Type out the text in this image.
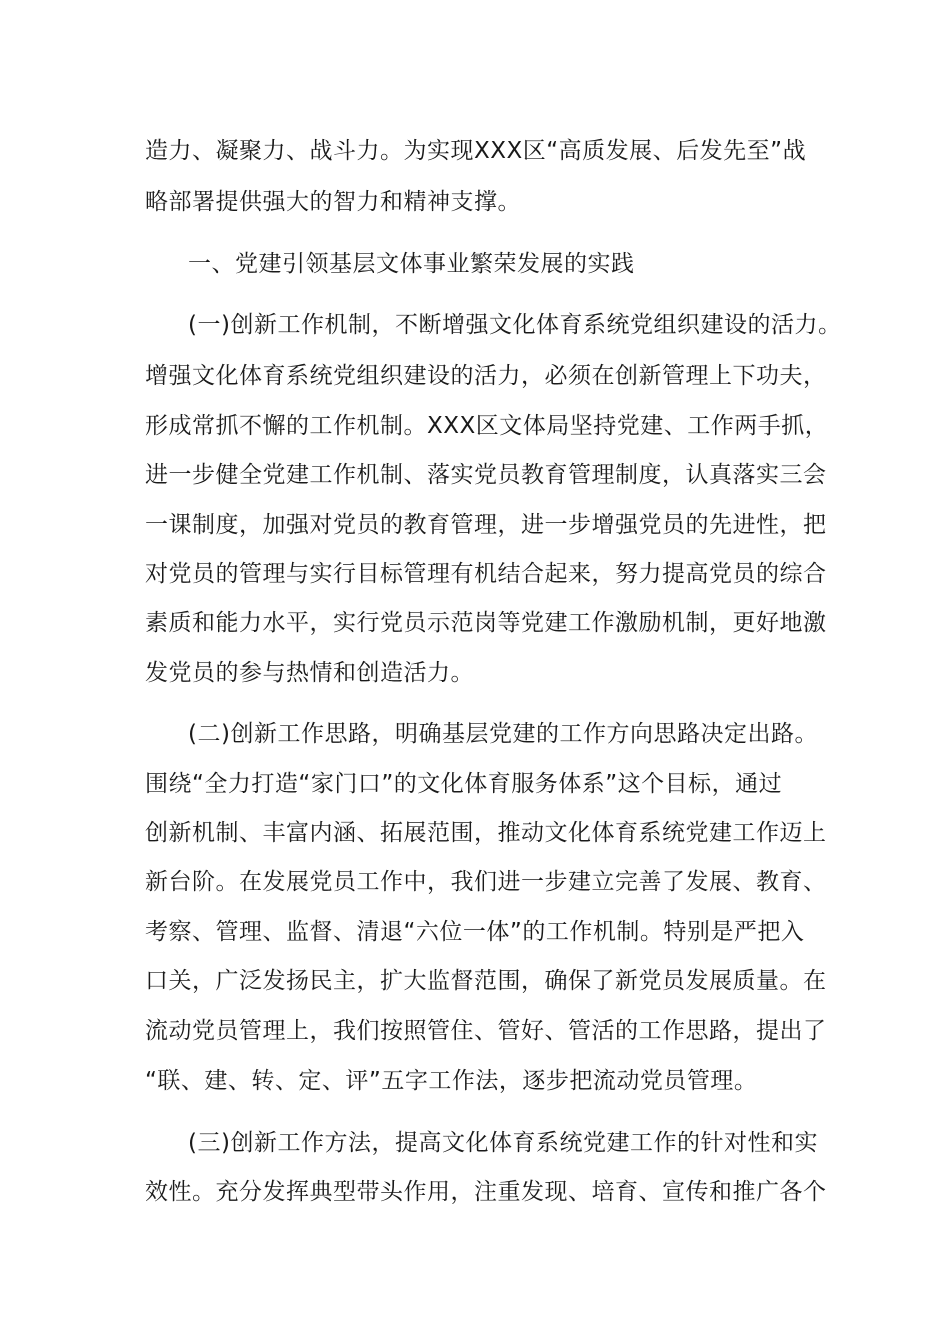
造力、凝聚力、战斗力。为实现XXX区“高质发展、后发先至”战
略部署提供强大的智力和精神支撑。
一、党建引领基层文体事业繁荣发展的实践
(一)创新工作机制，不断增强文化体育系统党组织建设的活力。
增强文化体育系统党组织建设的活力，必须在创新管理上下功夫，
形成常抓不懈的工作机制。XXX区文体局坚持党建、工作两手抓，
进一步健全党建工作机制、落实党员教育管理制度，认真落实三会
一课制度，加强对党员的教育管理，进一步增强党员的先进性，把
对党员的管理与实行目标管理有机结合起来，努力提高党员的综合
素质和能力水平，实行党员示范岗等党建工作激励机制，更好地激
发党员的参与热情和创造活力。
(二)创新工作思路，明确基层党建的工作方向思路决定出路。
围绕“全力打造“家门口”的文化体育服务体系”这个目标，通过
创新机制、丰富内涵、拓展范围，推动文化体育系统党建工作迈上
新台阶。在发展党员工作中，我们进一步建立完善了发展、教育、
考察、管理、监督、清退“六位一体”的工作机制。特别是严把入
口关，广泛发扬民主，扩大监督范围，确保了新党员发展质量。在
流动党员管理上，我们按照管住、管好、管活的工作思路，提出了
“联、建、转、定、评”五字工作法，逐步把流动党员管理。
(三)创新工作方法，提高文化体育系统党建工作的针对性和实
效性。充分发挥典型带头作用，注重发现、培育、宣传和推广各个
